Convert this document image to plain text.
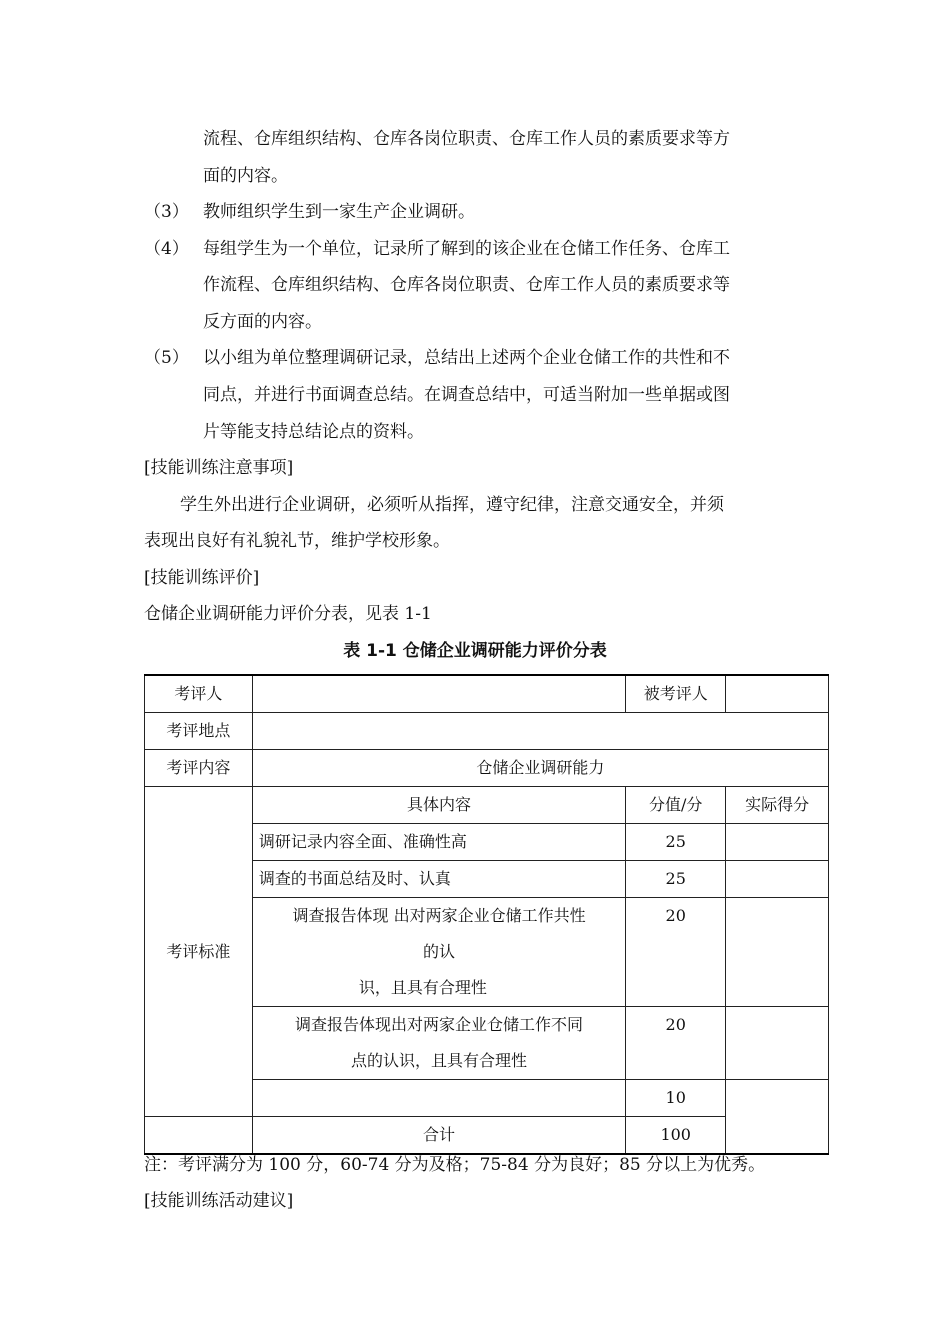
流程、仓库组织结构、仓库各岗位职责、仓库工作人员的素质要求等方
面的内容。
（3） 教师组织学生到一家生产企业调研。
（4） 每组学生为一个单位，记录所了解到的该企业在仓储工作任务、仓库工
作流程、仓库组织结构、仓库各岗位职责、仓库工作人员的素质要求等
反方面的内容。
（5） 以小组为单位整理调研记录，总结出上述两个企业仓储工作的共性和不
同点，并进行书面调查总结。在调查总结中，可适当附加一些单据或图
片等能支持总结论点的资料。
[技能训练注意事项]
学生外出进行企业调研，必须听从指挥，遵守纪律，注意交通安全，并须
表现出良好有礼貌礼节，维护学校形象。
[技能训练评价]
仓储企业调研能力评价分表，见表 1-1
表 1-1 仓储企业调研能力评价分表
考评人		被考评人	
考评地点			
考评内容	仓储企业调研能力		
考评标准	具体内容	分值/分	实际得分
	调研记录内容全面、准确性高	25	
	调查的书面总结及时、认真	25	

	调查报告体现 出对两家企业仓储工作共性
的认
识，且具有合理性	20	

	调查报告体现出对两家企业仓储工作不同
点的认识，且具有合理性	20	
		10	
	合计	100	
注：考评满分为 100 分，60-74 分为及格；75-84 分为良好；85 分以上为优秀。
[技能训练活动建议]
